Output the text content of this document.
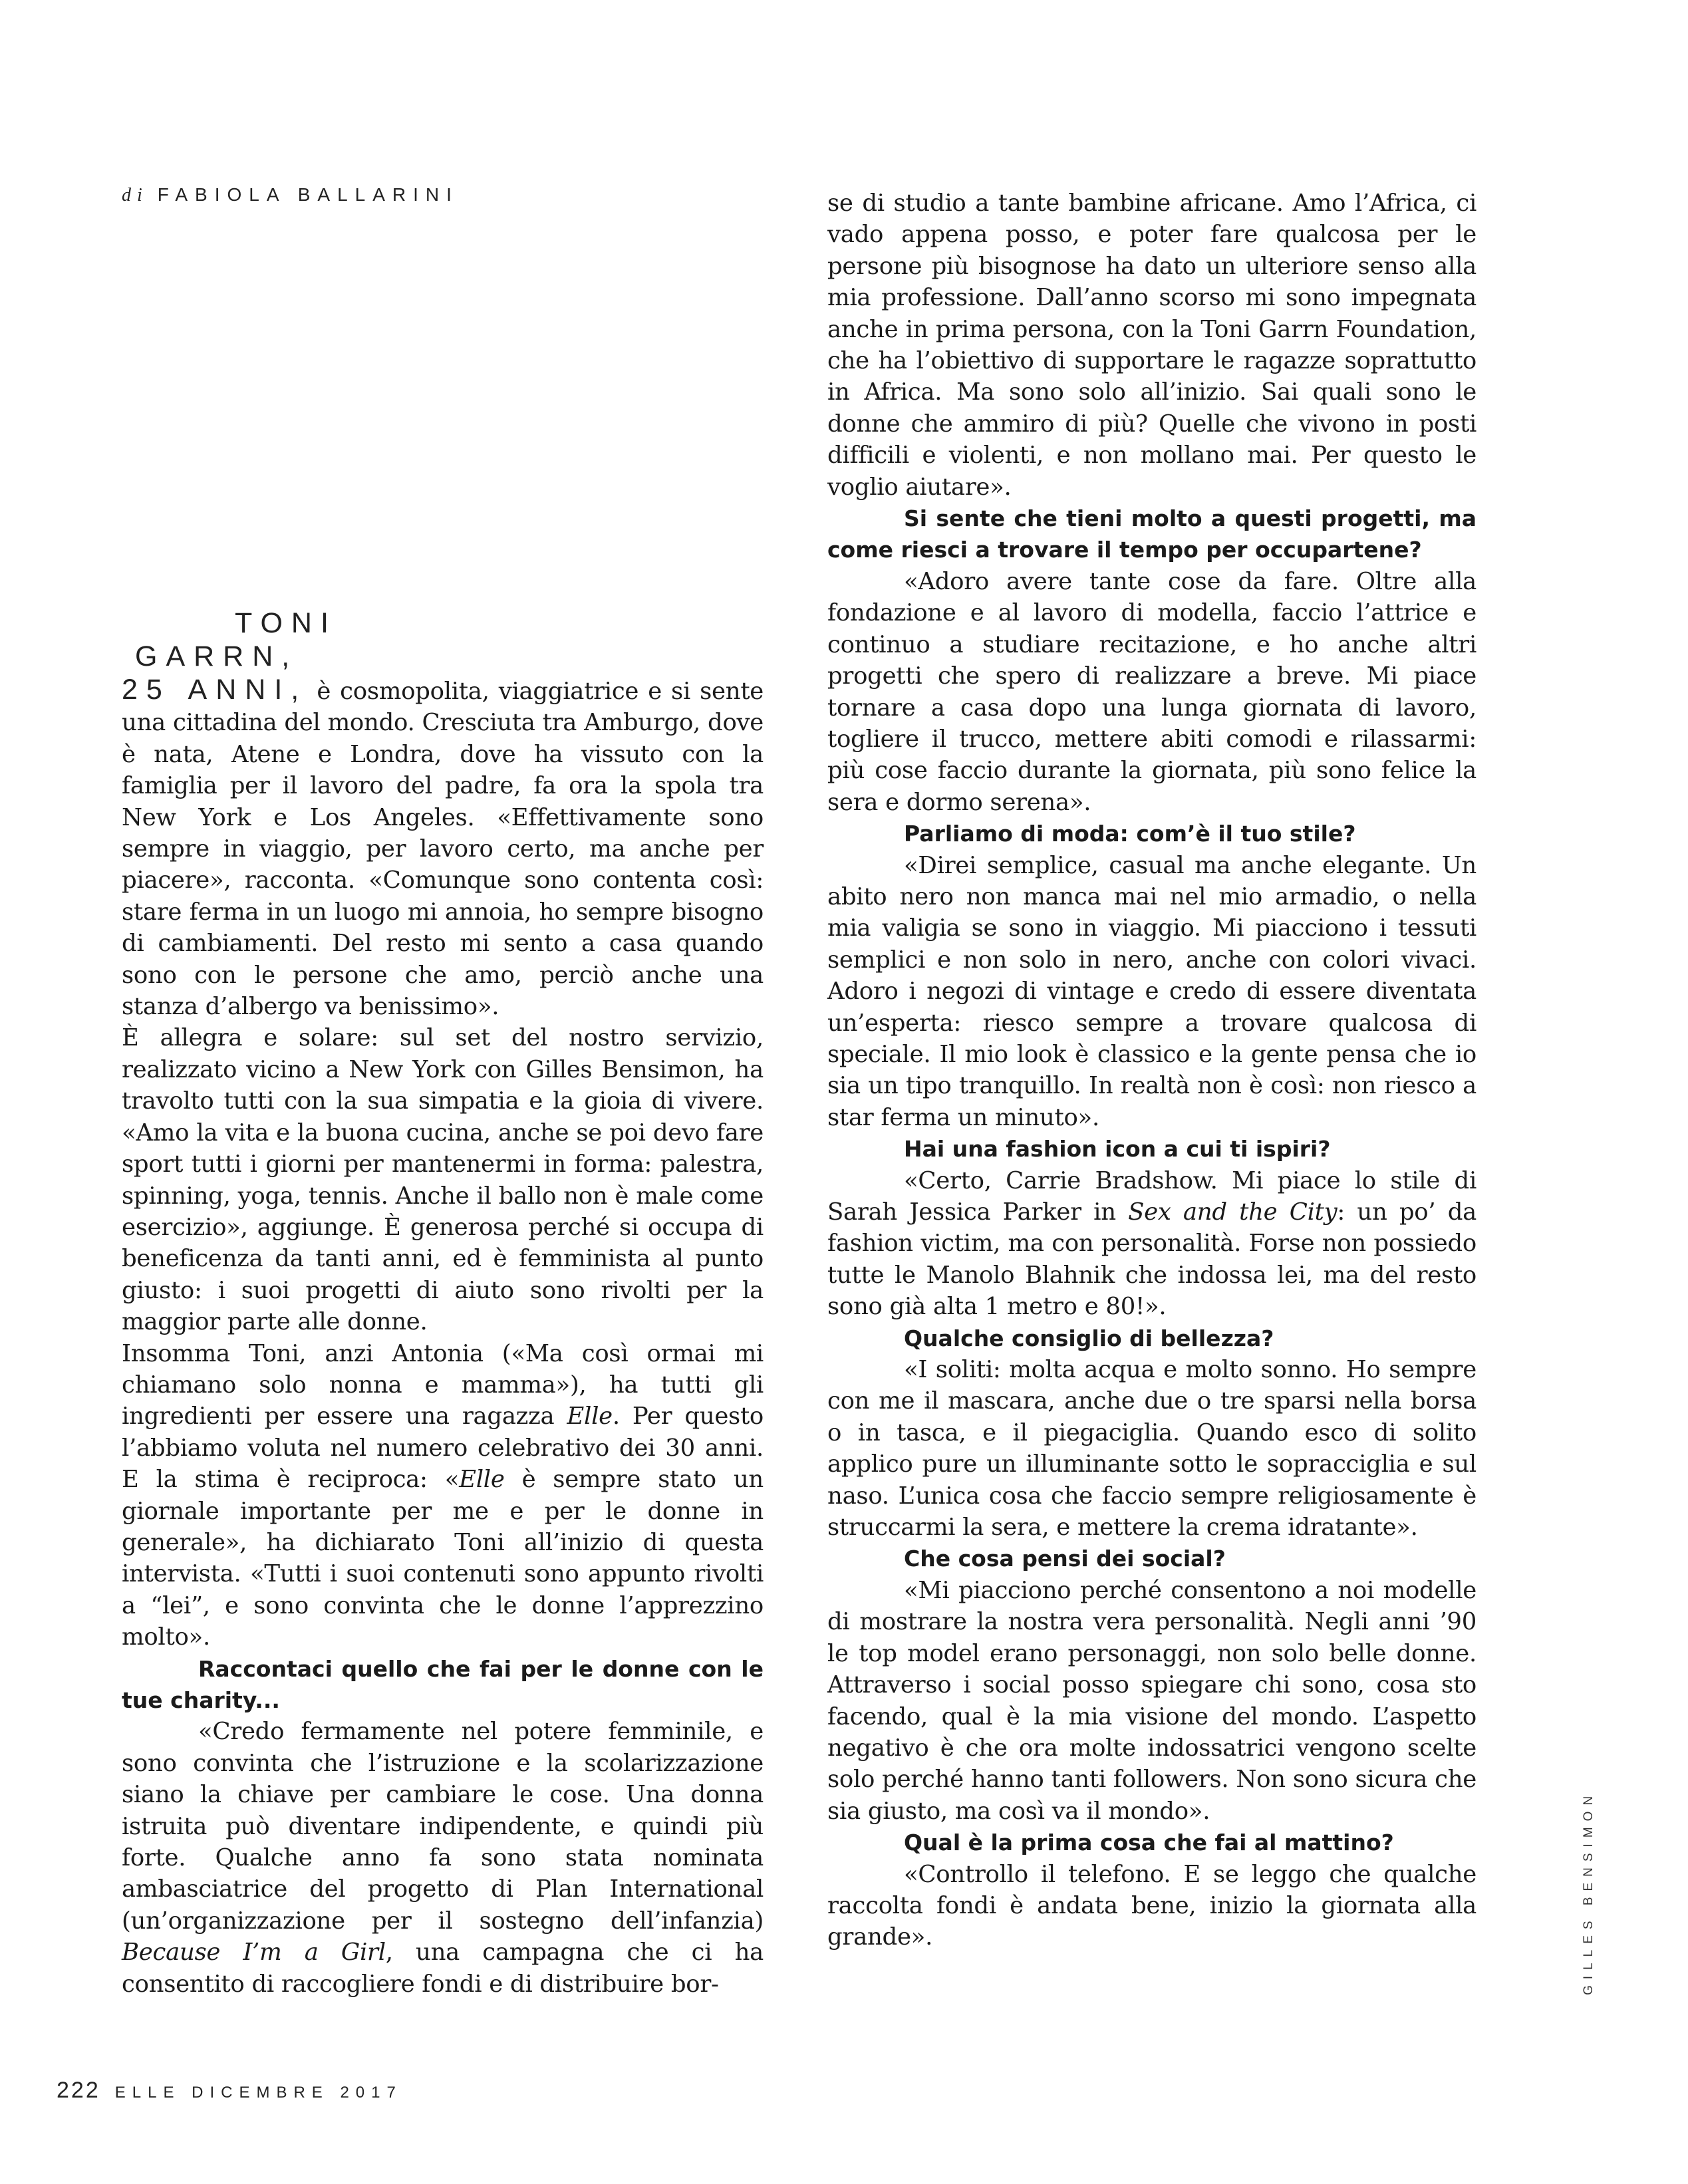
di FABIOLA BALLARINI

TONI
GARRN,
25 ANNI, è cosmopolita, viaggiatrice e si sente una cittadina del mondo. Cresciuta tra Amburgo, dove è nata, Atene e Londra, dove ha vissuto con la famiglia per il lavoro del padre, fa ora la spola tra New York e Los Angeles. «Effettivamente sono sempre in viaggio, per lavoro certo, ma anche per piacere», racconta. «Comunque sono contenta così: stare ferma in un luogo mi annoia, ho sempre bisogno di cambiamenti. Del resto mi sento a casa quando sono con le persone che amo, perciò anche una stanza d’albergo va benissimo».

È allegra e solare: sul set del nostro servizio, realizzato vicino a New York con Gilles Bensimon, ha travolto tutti con la sua simpatia e la gioia di vivere. «Amo la vita e la buona cucina, anche se poi devo fare sport tutti i giorni per mantenermi in forma: palestra, spinning, yoga, tennis. Anche il ballo non è male come esercizio», aggiunge. È generosa perché si occupa di beneficenza da tanti anni, ed è femminista al punto giusto: i suoi progetti di aiuto sono rivolti per la maggior parte alle donne.

Insomma Toni, anzi Antonia («Ma così ormai mi chiamano solo nonna e mamma»), ha tutti gli ingredienti per essere una ragazza Elle. Per questo l’abbiamo voluta nel numero celebrativo dei 30 anni. E la stima è reciproca: «Elle è sempre stato un giornale importante per me e per le donne in generale», ha dichiarato Toni all’inizio di questa intervista. «Tutti i suoi contenuti sono appunto rivolti a “lei”, e sono convinta che le donne l’apprezzino molto».

Raccontaci quello che fai per le donne con le tue charity...

«Credo fermamente nel potere femminile, e sono convinta che l’istruzione e la scolarizzazione siano la chiave per cambiare le cose. Una donna istruita può diventare indipendente, e quindi più forte. Qualche anno fa sono stata nominata ambasciatrice del progetto di Plan International (un’organizzazione per il sostegno dell’infanzia) Because I’m a Girl, una campagna che ci ha consentito di raccogliere fondi e di distribuire bor-

se di studio a tante bambine africane. Amo l’Africa, ci vado appena posso, e poter fare qualcosa per le persone più bisognose ha dato un ulteriore senso alla mia professione. Dall’anno scorso mi sono impegnata anche in prima persona, con la Toni Garrn Foundation, che ha l’obiettivo di supportare le ragazze soprattutto in Africa. Ma sono solo all’inizio. Sai quali sono le donne che ammiro di più? Quelle che vivono in posti difficili e violenti, e non mollano mai. Per questo le voglio aiutare».

Si sente che tieni molto a questi progetti, ma come riesci a trovare il tempo per occupartene?

«Adoro avere tante cose da fare. Oltre alla fondazione e al lavoro di modella, faccio l’attrice e continuo a studiare recitazione, e ho anche altri progetti che spero di realizzare a breve. Mi piace tornare a casa dopo una lunga giornata di lavoro, togliere il trucco, mettere abiti comodi e rilassarmi: più cose faccio durante la giornata, più sono felice la sera e dormo serena».

Parliamo di moda: com’è il tuo stile?

«Direi semplice, casual ma anche elegante. Un abito nero non manca mai nel mio armadio, o nella mia valigia se sono in viaggio. Mi piacciono i tessuti semplici e non solo in nero, anche con colori vivaci. Adoro i negozi di vintage e credo di essere diventata un’esperta: riesco sempre a trovare qualcosa di speciale. Il mio look è classico e la gente pensa che io sia un tipo tranquillo. In realtà non è così: non riesco a star ferma un minuto».

Hai una fashion icon a cui ti ispiri?

«Certo, Carrie Bradshow. Mi piace lo stile di Sarah Jessica Parker in Sex and the City: un po’ da fashion victim, ma con personalità. Forse non possiedo tutte le Manolo Blahnik che indossa lei, ma del resto sono già alta 1 metro e 80!».

Qualche consiglio di bellezza?

«I soliti: molta acqua e molto sonno. Ho sempre con me il mascara, anche due o tre sparsi nella borsa o in tasca, e il piegaciglia. Quando esco di solito applico pure un illuminante sotto le sopracciglia e sul naso. L’unica cosa che faccio sempre religiosamente è struccarmi la sera, e mettere la crema idratante».

Che cosa pensi dei social?

«Mi piacciono perché consentono a noi modelle di mostrare la nostra vera personalità. Negli anni ’90 le top model erano personaggi, non solo belle donne. Attraverso i social posso spiegare chi sono, cosa sto facendo, qual è la mia visione del mondo. L’aspetto negativo è che ora molte indossatrici vengono scelte solo perché hanno tanti followers. Non sono sicura che sia giusto, ma così va il mondo».

Qual è la prima cosa che fai al mattino?

«Controllo il telefono. E se leggo che qualche raccolta fondi è andata bene, inizio la giornata alla grande».

222 ELLE DICEMBRE 2017
GILLES BENSIMON
